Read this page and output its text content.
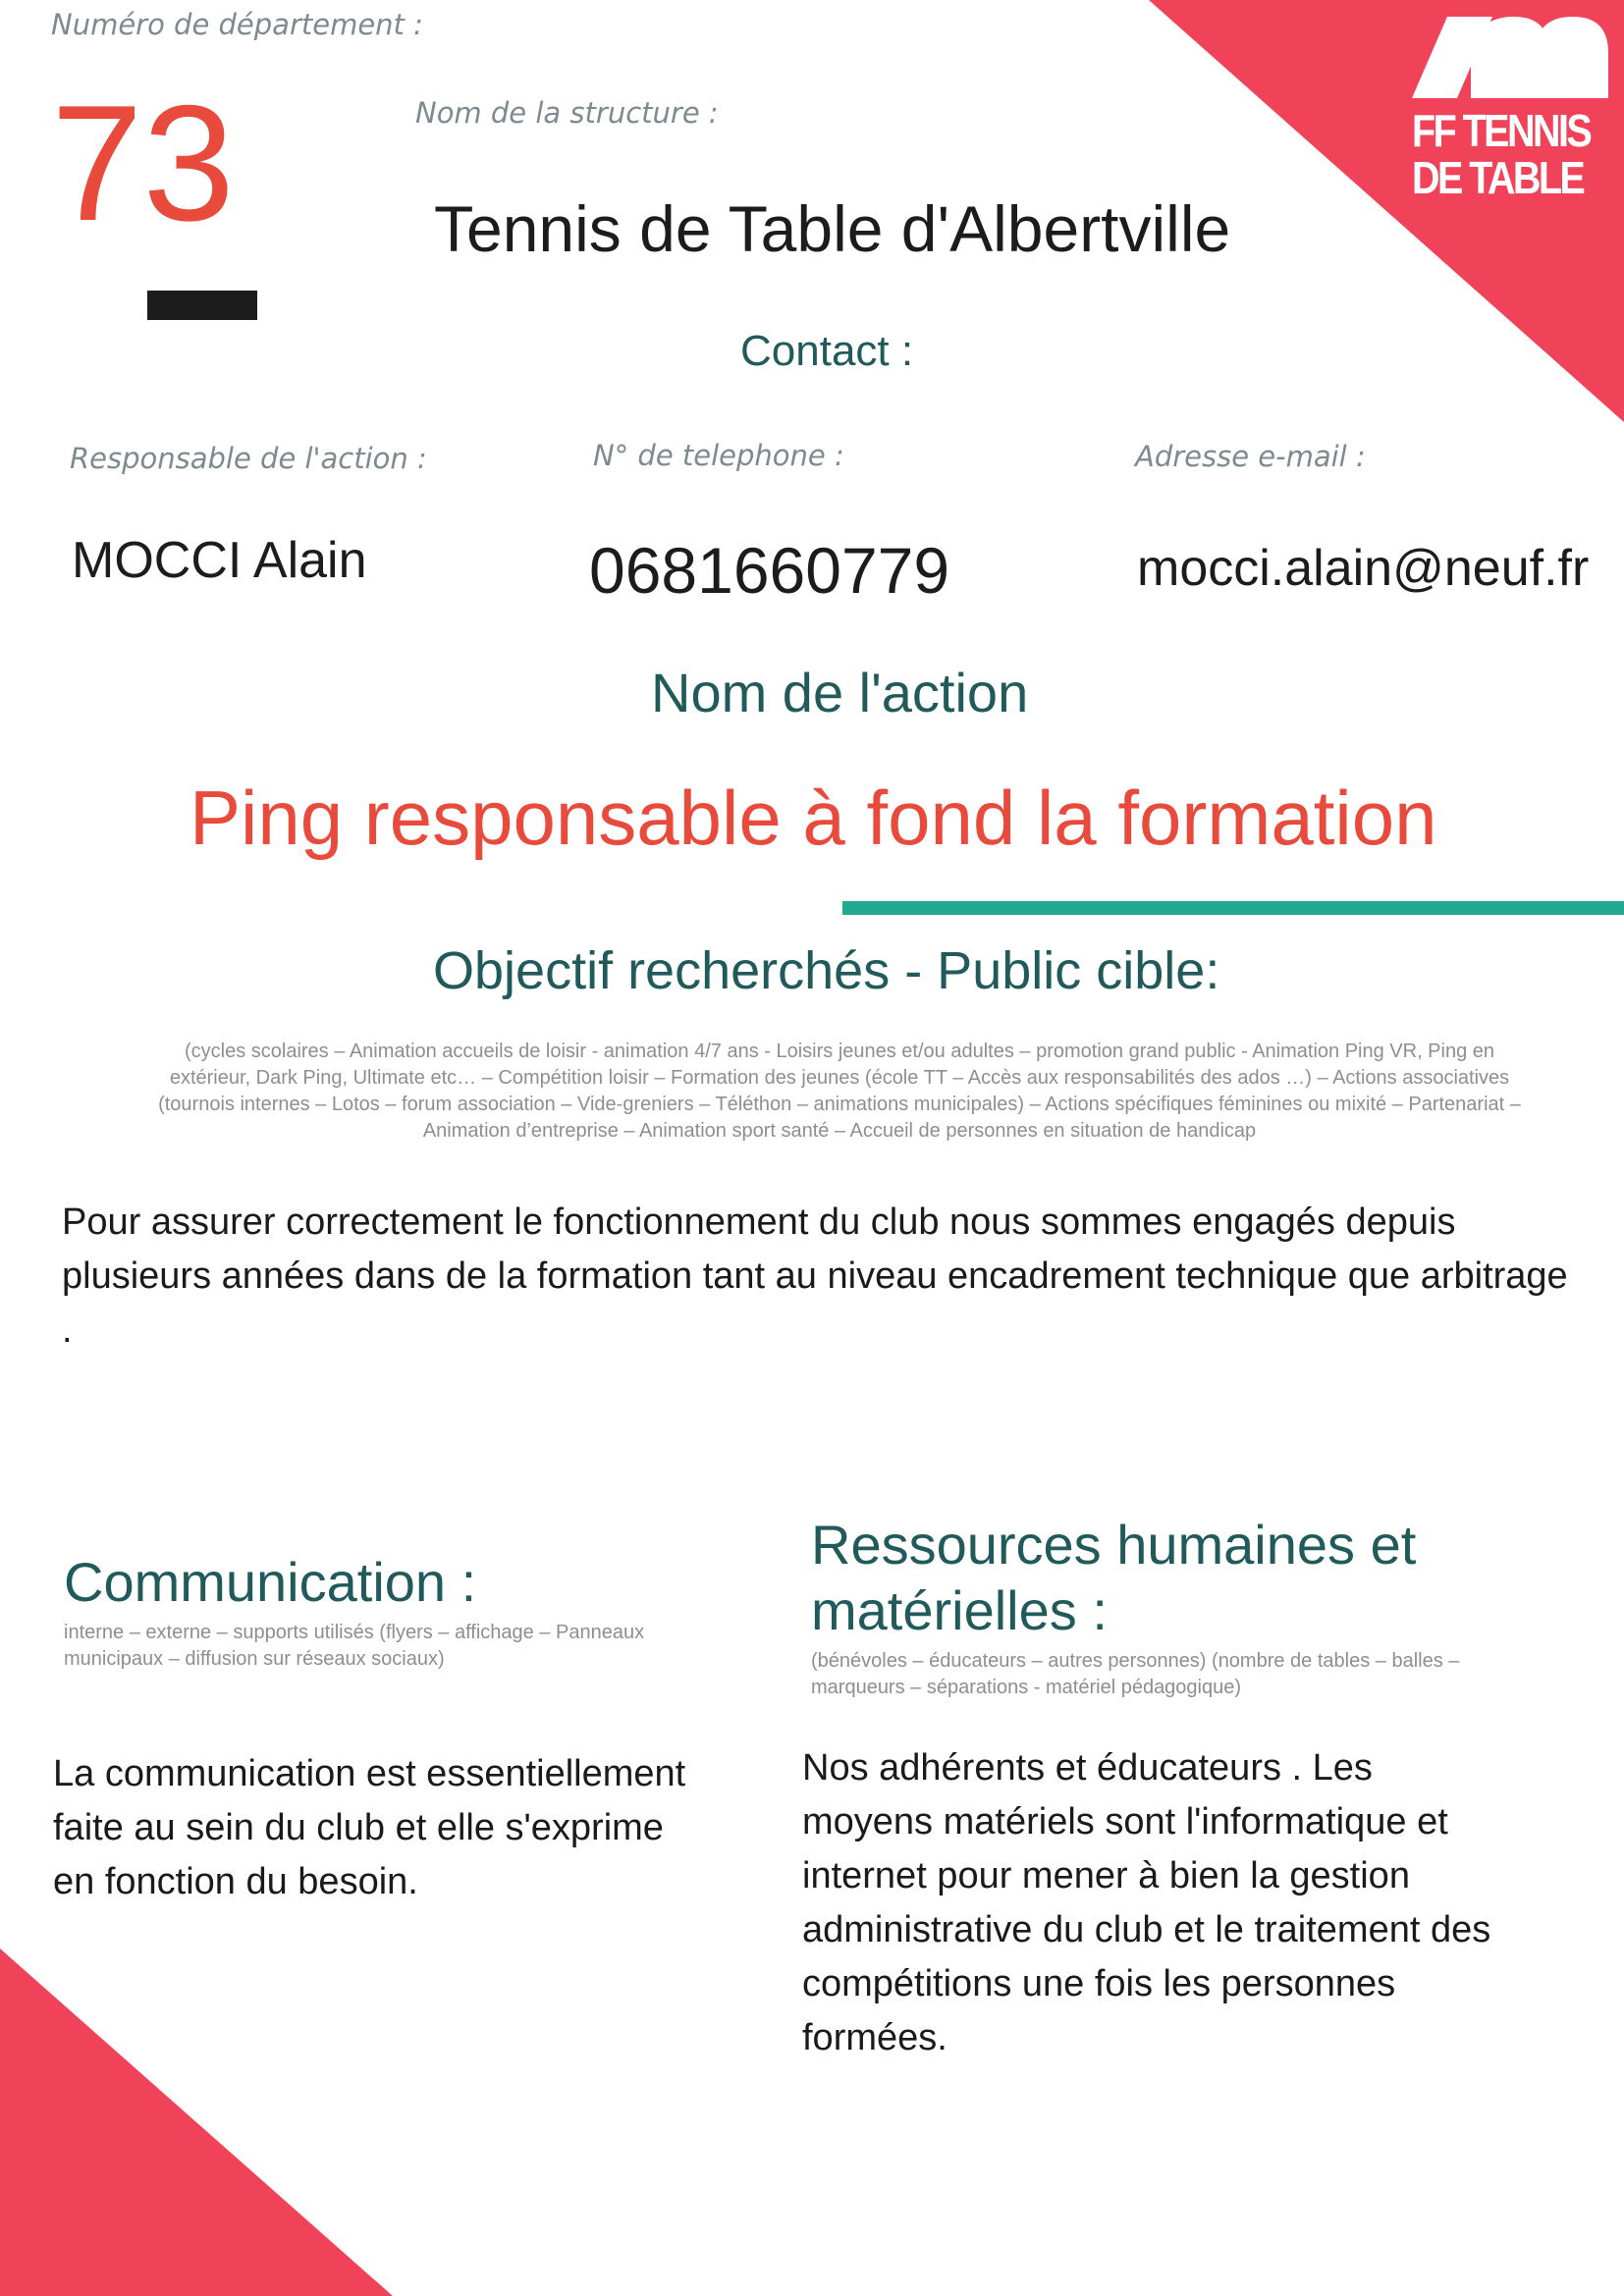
FF TENNIS
DE TABLE
Numéro de département :
73	Nom de la structure :
Tennis de Table d'Albertville
Contact :
Responsable de l'action :	N° de telephone :	Adresse e-mail :
MOCCI Alain	0681660779	mocci.alain@neuf.fr
Nom de l'action
Ping responsable à fond la formation
Objectif recherchés - Public cible:
(cycles scolaires – Animation accueils de loisir - animation 4/7 ans - Loisirs jeunes et/ou adultes – promotion grand public - Animation Ping VR, Ping en extérieur, Dark Ping, Ultimate etc… – Compétition loisir – Formation des jeunes (école TT – Accès aux responsabilités des ados …) – Actions associatives (tournois internes – Lotos – forum association – Vide-greniers – Téléthon – animations municipales) – Actions spécifiques féminines ou mixité – Partenariat – Animation d’entreprise – Animation sport santé – Accueil de personnes en situation de handicap
Pour assurer correctement le fonctionnement du club nous sommes engagés depuis plusieurs années dans de la formation tant au niveau encadrement technique que arbitrage .
Communication :
interne – externe – supports utilisés (flyers – affichage – Panneaux municipaux – diffusion sur réseaux sociaux)
La communication est essentiellement faite au sein du club et elle s'exprime en fonction du besoin.
Ressources humaines et matérielles :
(bénévoles – éducateurs – autres personnes) (nombre de tables – balles – marqueurs – séparations - matériel pédagogique)
Nos adhérents et éducateurs . Les moyens matériels sont l'informatique et internet pour mener à bien la gestion administrative du club et le traitement des compétitions une fois les personnes formées.
